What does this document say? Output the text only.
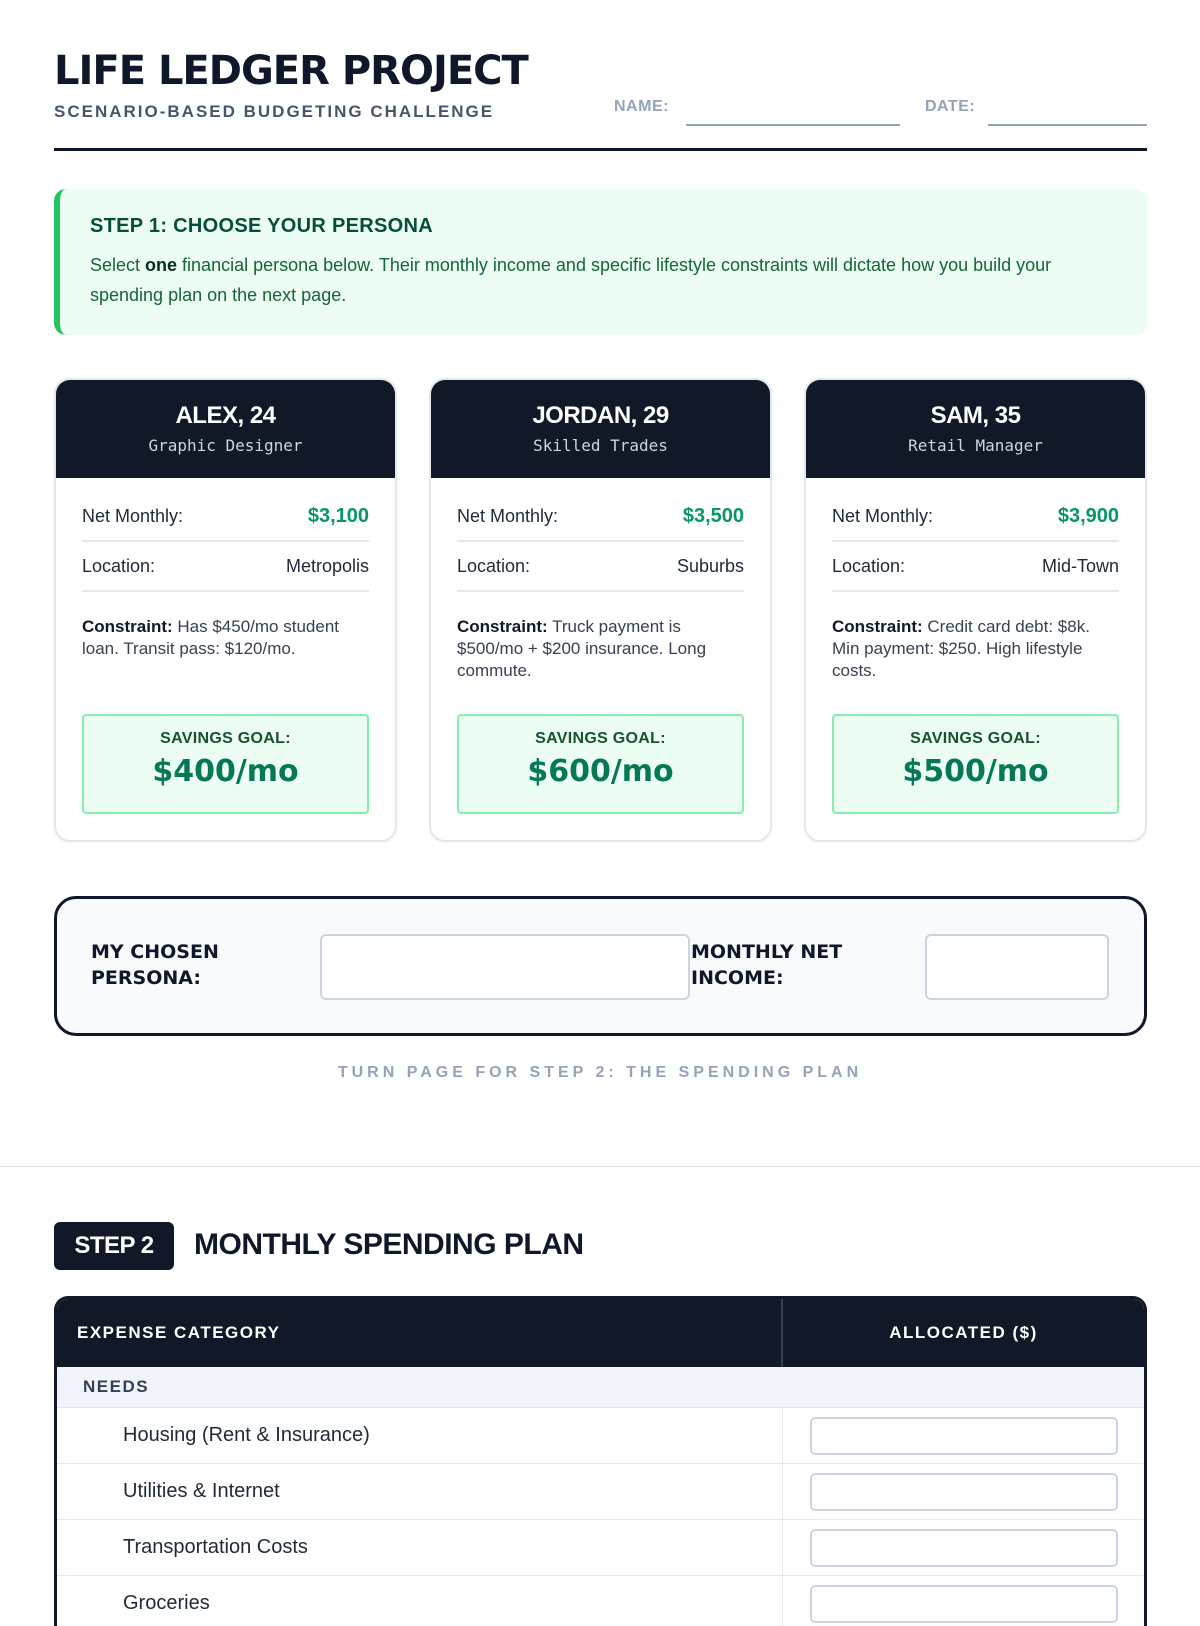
LIFE LEDGER PROJECT
SCENARIO-BASED BUDGETING CHALLENGE	NAME:	DATE:
STEP 1: CHOOSE YOUR PERSONA
Select one financial persona below. Their monthly income and specific lifestyle constraints will dictate how you build your spending plan on the next page.
ALEX, 24
Graphic Designer
Net Monthly:	$3,100
Location:	Metropolis
Constraint: Has $450/mo student loan. Transit pass: $120/mo.
SAVINGS GOAL:
$400/mo
JORDAN, 29
Skilled Trades
Net Monthly:	$3,500
Location:	Suburbs
Constraint: Truck payment is $500/mo + $200 insurance. Long commute.
SAVINGS GOAL:
$600/mo
SAM, 35
Retail Manager
Net Monthly:	$3,900
Location:	Mid-Town
Constraint: Credit card debt: $8k. Min payment: $250. High lifestyle costs.
SAVINGS GOAL:
$500/mo
MY CHOSEN PERSONA:
MONTHLY NET INCOME:
TURN PAGE FOR STEP 2: THE SPENDING PLAN
STEP 2	MONTHLY SPENDING PLAN
EXPENSE CATEGORY	ALLOCATED ($)
NEEDS
Housing (Rent & Insurance)
Utilities & Internet
Transportation Costs
Groceries
